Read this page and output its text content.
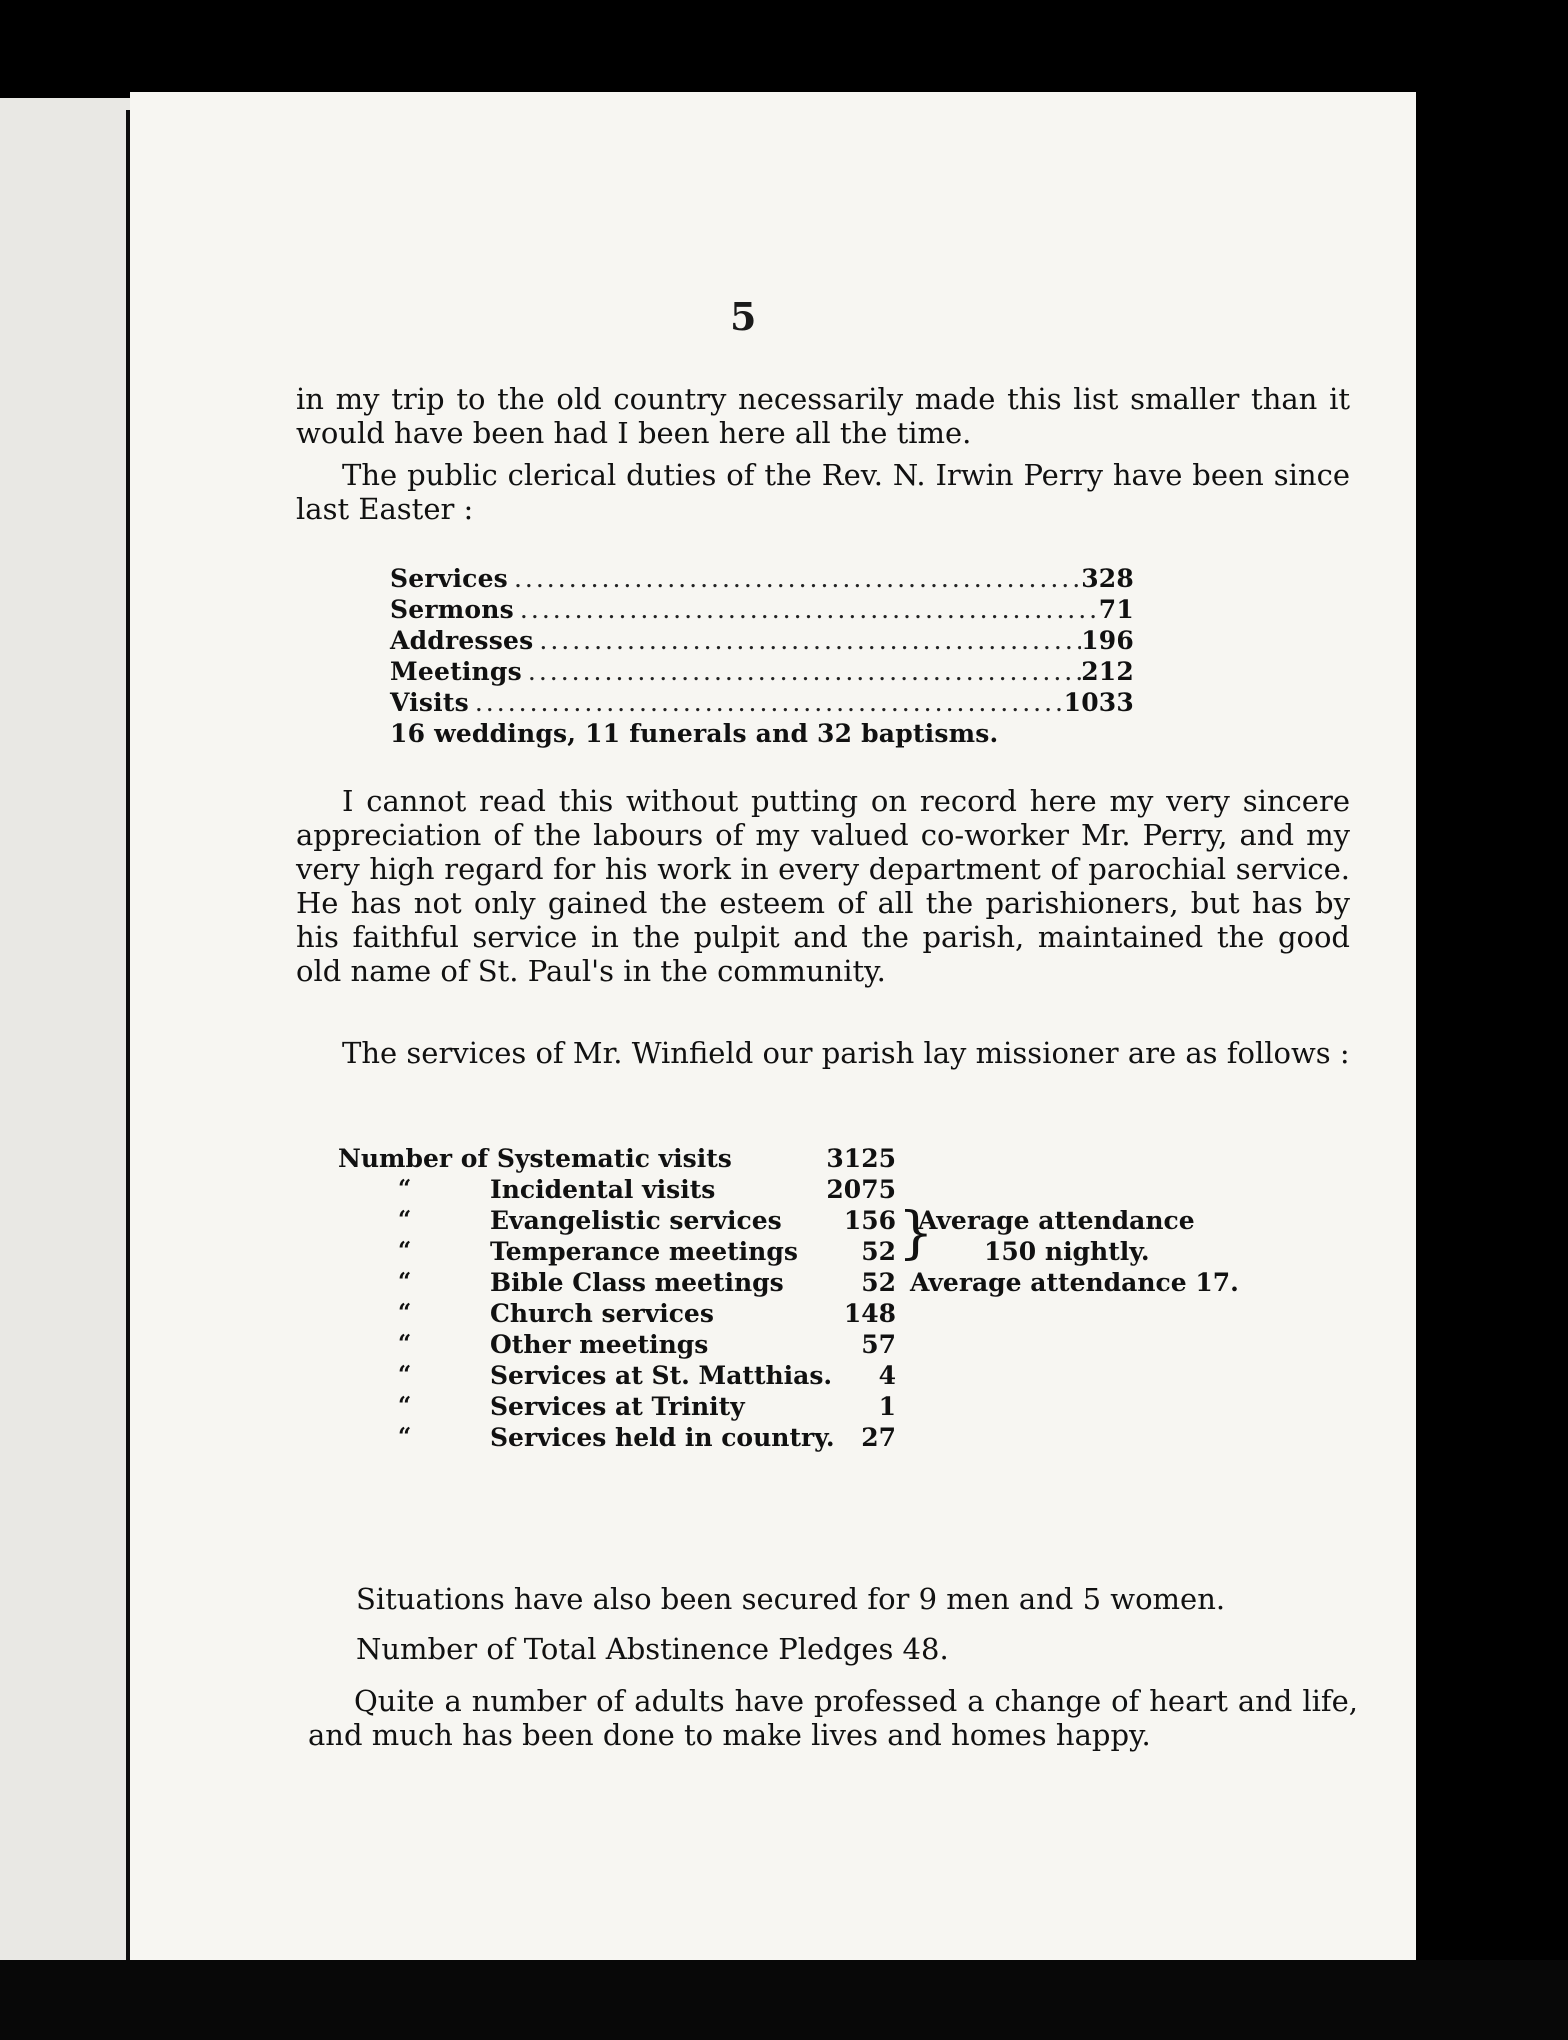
5

in my trip to the old country necessarily made this list smaller than it would have been had I been here all the time.

The public clerical duties of the Rev. N. Irwin Perry have been since last Easter :

Services .....	328
Sermons .....	71
Addresses .....	196
Meetings .....	212
Visits .....	1033
16 weddings, 11 funerals and 32 baptisms.

I cannot read this without putting on record here my very sincere appreciation of the labours of my valued co-worker Mr. Perry, and my very high regard for his work in every department of parochial service. He has not only gained the esteem of all the parishioners, but has by his faithful service in the pulpit and the parish, maintained the good old name of St. Paul's in the community.

The services of Mr. Winfield our parish lay missioner are as follows :

Number of Systematic visits	3125
“	Incidental visits	2075
“	Evangelistic services	156 Average attendance
“	Temperance meetings	52	150 nightly.
“	Bible Class meetings	52 Average attendance 17.
“	Church services	148
“	Other meetings	57
“	Services at St. Matthias.	4
“	Services at Trinity	1
“	Services held in country.	27
}

Situations have also been secured for 9 men and 5 women.

Number of Total Abstinence Pledges 48.

Quite a number of adults have professed a change of heart and life, and much has been done to make lives and homes happy.
